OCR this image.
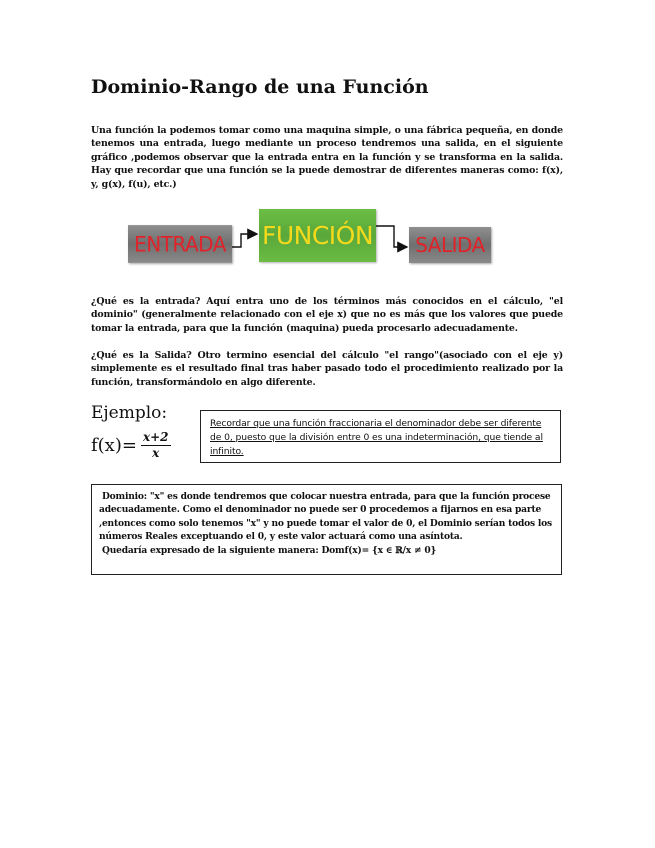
Dominio-Rango de una Función

Una función la podemos tomar como una maquina simple, o una fábrica pequeña, en donde tenemos una entrada, luego mediante un proceso tendremos una salida, en el siguiente gráfico ,podemos observar que la entrada entra en la función y se transforma en la salida. Hay que recordar que una función se la puede demostrar de diferentes maneras como: f(x), y, g(x), f(u), etc.)

ENTRADA FUNCIÓN SALIDA

¿Qué es la entrada? Aquí entra uno de los términos más conocidos en el cálculo, "el dominio" (generalmente relacionado con el eje x) que no es más que los valores que puede tomar la entrada, para que la función (maquina) pueda procesarlo adecuadamente.

¿Qué es la Salida? Otro termino esencial del cálculo "el rango"(asociado con el eje y) simplemente es el resultado final tras haber pasado todo el procedimiento realizado por la función, transformándolo en algo diferente.

Ejemplo:
$f(x)= \frac{x+2}{x}$
Recordar que una función fraccionaria el denominador debe ser diferente de 0, puesto que la división entre 0 es una indeterminación, que tiende al infinito.
Dominio: "x" es donde tendremos que colocar nuestra entrada, para que la función procese adecuadamente. Como el denominador no puede ser 0 procedemos a fijarnos en esa parte ,entonces como solo tenemos "x" y no puede tomar el valor de 0, el Dominio serían todos los números Reales exceptuando el 0, y este valor actuará como una asíntota.
Quedaría expresado de la siguiente manera: Domf(x)= {x ∈ ℝ/x ≠ 0}
